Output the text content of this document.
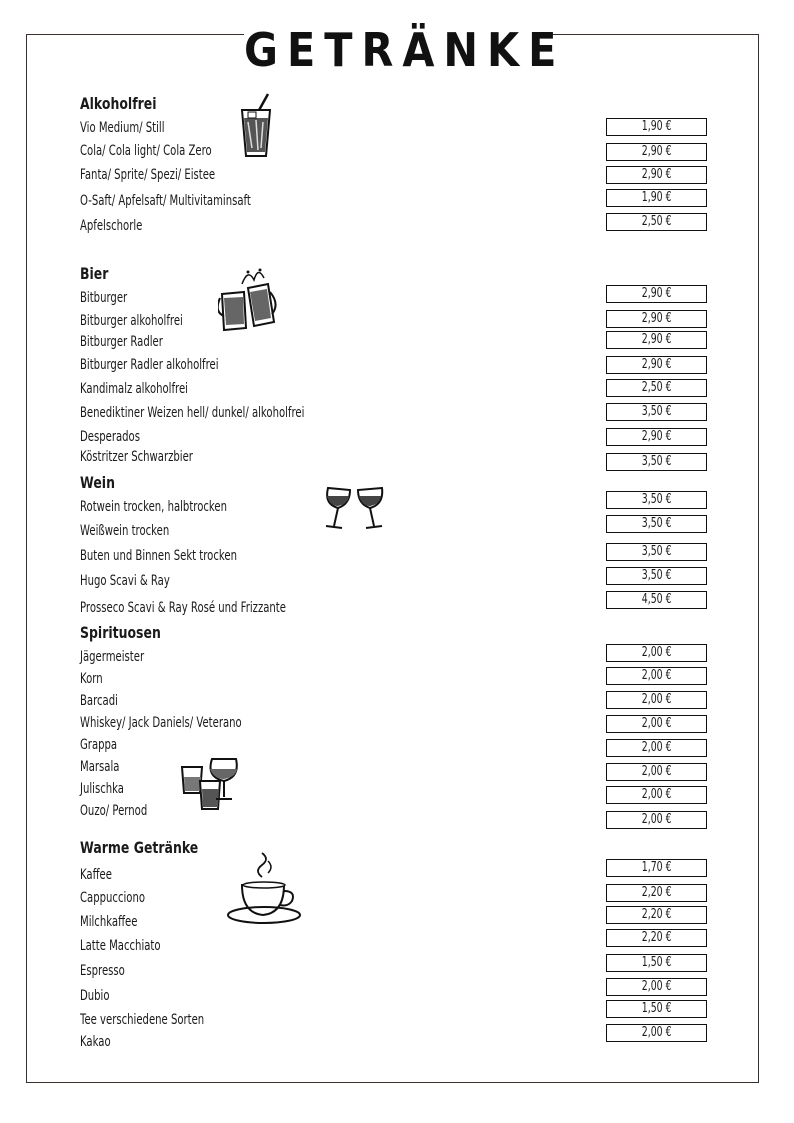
GETRÄNKE
Alkoholfrei
Bier
Wein
Spirituosen
Warme Getränke
Vio Medium/ Still
Cola/ Cola light/ Cola Zero
Fanta/ Sprite/ Spezi/ Eistee
O-Saft/ Apfelsaft/ Multivitaminsaft
Apfelschorle
1,90 €
2,90 €
2,90 €
1,90 €
2,50 €
Bitburger
Bitburger alkoholfrei
Bitburger Radler
Bitburger Radler alkoholfrei
Kandimalz alkoholfrei
Benediktiner Weizen hell/ dunkel/ alkoholfrei
Desperados
Köstritzer Schwarzbier
2,90 €
2,90 €
2,90 €
2,90 €
2,50 €
3,50 €
2,90 €
3,50 €
Rotwein trocken, halbtrocken
Weißwein trocken
Buten und Binnen Sekt trocken
Hugo Scavi & Ray
Prosseco Scavi & Ray Rosé und Frizzante
3,50 €
3,50 €
3,50 €
3,50 €
4,50 €
Jägermeister
Korn
Barcadi
Whiskey/ Jack Daniels/ Veterano
Grappa
Marsala
Julischka
Ouzo/ Pernod
2,00 €
2,00 €
2,00 €
2,00 €
2,00 €
2,00 €
2,00 €
2,00 €
Kaffee
Cappucciono
Milchkaffee
Latte Macchiato
Espresso
Dubio
Tee verschiedene Sorten
Kakao
1,70 €
2,20 €
2,20 €
2,20 €
1,50 €
2,00 €
1,50 €
2,00 €
